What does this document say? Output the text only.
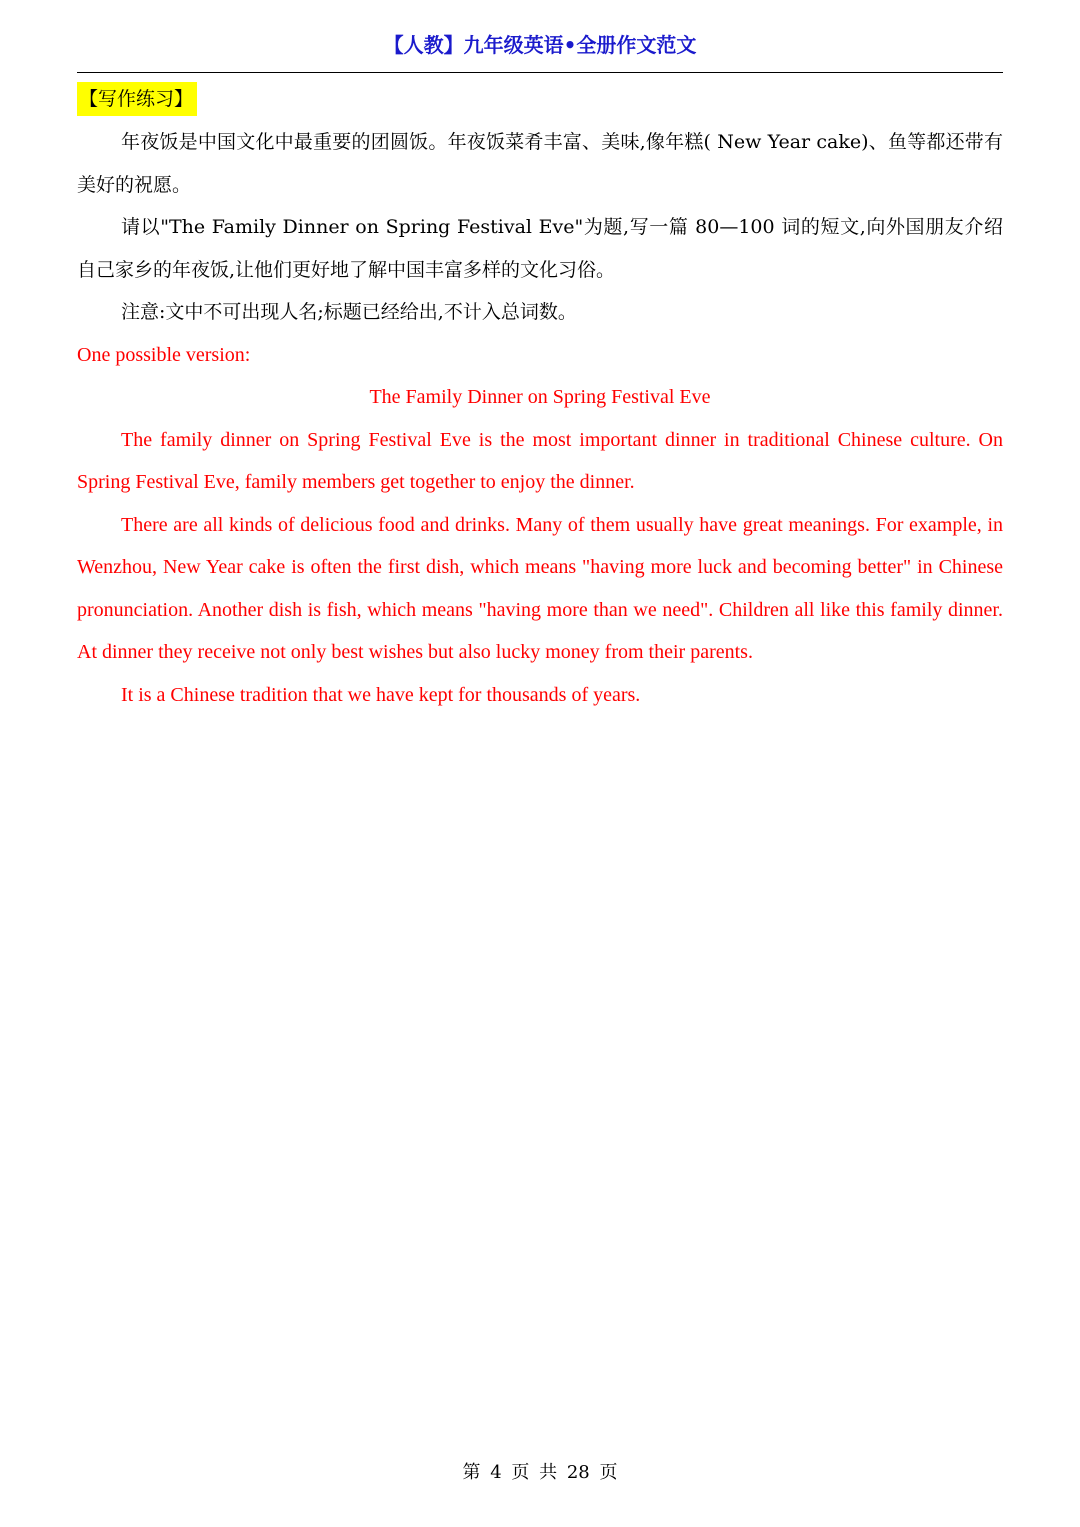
【人教】九年级英语•全册作文范文
【写作练习】

年夜饭是中国文化中最重要的团圆饭。年夜饭菜肴丰富、美味,像年糕( New Year cake)、鱼等都还带有美好的祝愿。

请以"The Family Dinner on Spring Festival Eve"为题,写一篇 80—100 词的短文,向外国朋友介绍自己家乡的年夜饭,让他们更好地了解中国丰富多样的文化习俗。

注意:文中不可出现人名;标题已经给出,不计入总词数。

One possible version:

The Family Dinner on Spring Festival Eve

The family dinner on Spring Festival Eve is the most important dinner in traditional Chinese culture. On Spring Festival Eve, family members get together to enjoy the dinner.

There are all kinds of delicious food and drinks. Many of them usually have great meanings. For example, in Wenzhou, New Year cake is often the first dish, which means "having more luck and becoming better" in Chinese pronunciation. Another dish is fish, which means "having more than we need". Children all like this family dinner. At dinner they receive not only best wishes but also lucky money from their parents.

It is a Chinese tradition that we have kept for thousands of years.

第 4 页 共 28 页
